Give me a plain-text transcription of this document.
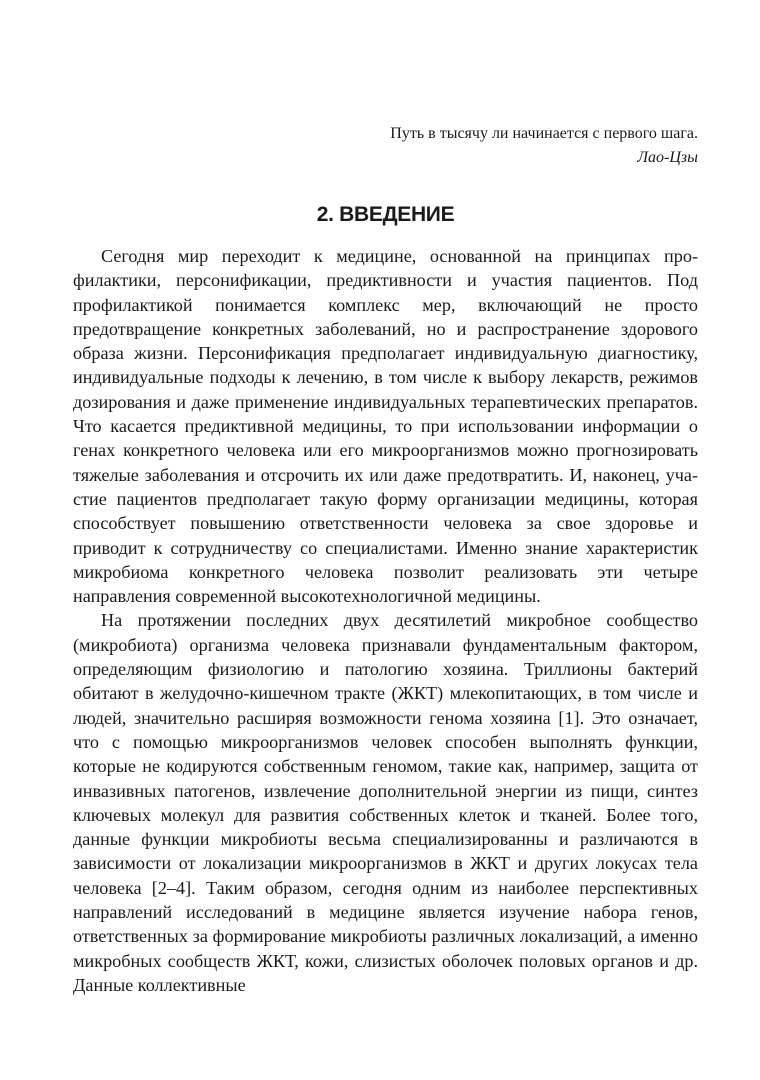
Путь в тысячу ли начинается с первого шага.
Лао-Цзы
2. ВВЕДЕНИЕ

Сегодня мир переходит к медицине, основанной на принципах профилактики, персонификации, предиктивности и участия пациентов. Под профилактикой понимается комплекс мер, включающий не просто предотвращение конкретных заболеваний, но и распространение здорового образа жизни. Персонификация предполагает индивидуальную диагностику, индивидуальные подходы к лечению, в том числе к выбору лекарств, режимов дозирования и даже применение индивидуальных терапевтических препаратов. Что касается предиктивной медицины, то при использовании информации о генах конкретного человека или его микроорганизмов можно прогнозировать тяжелые заболевания и отсрочить их или даже предотвратить. И, наконец, участие пациентов предполагает такую форму организации медицины, которая способствует повышению ответственности человека за свое здоровье и приводит к сотрудничеству со специалистами. Именно знание характеристик микробиома конкретного человека позволит реализовать эти четыре направления современной высокотехнологичной медицины.

На протяжении последних двух десятилетий микробное сообщество (микробиота) организма человека признавали фундаментальным фактором, определяющим физиологию и патологию хозяина. Триллионы бактерий обитают в желудочно-кишечном тракте (ЖКТ) млекопитающих, в том числе и людей, значительно расширяя возможности генома хозяина [1]. Это означает, что с помощью микроорганизмов человек способен выполнять функции, которые не кодируются собственным геномом, такие как, например, защита от инвазивных патогенов, извлечение дополнительной энергии из пищи, синтез ключевых молекул для развития собственных клеток и тканей. Более того, данные функции микробиоты весьма специализированны и различаются в зависимости от локализации микроорганизмов в ЖКТ и других локусах тела человека [2–4]. Таким образом, сегодня одним из наиболее перспективных направлений исследований в медицине является изучение набора генов, ответственных за формирование микробиоты различных локализаций, а именно микробных сообществ ЖКТ, кожи, слизистых оболочек половых органов и др. Данные коллективные
